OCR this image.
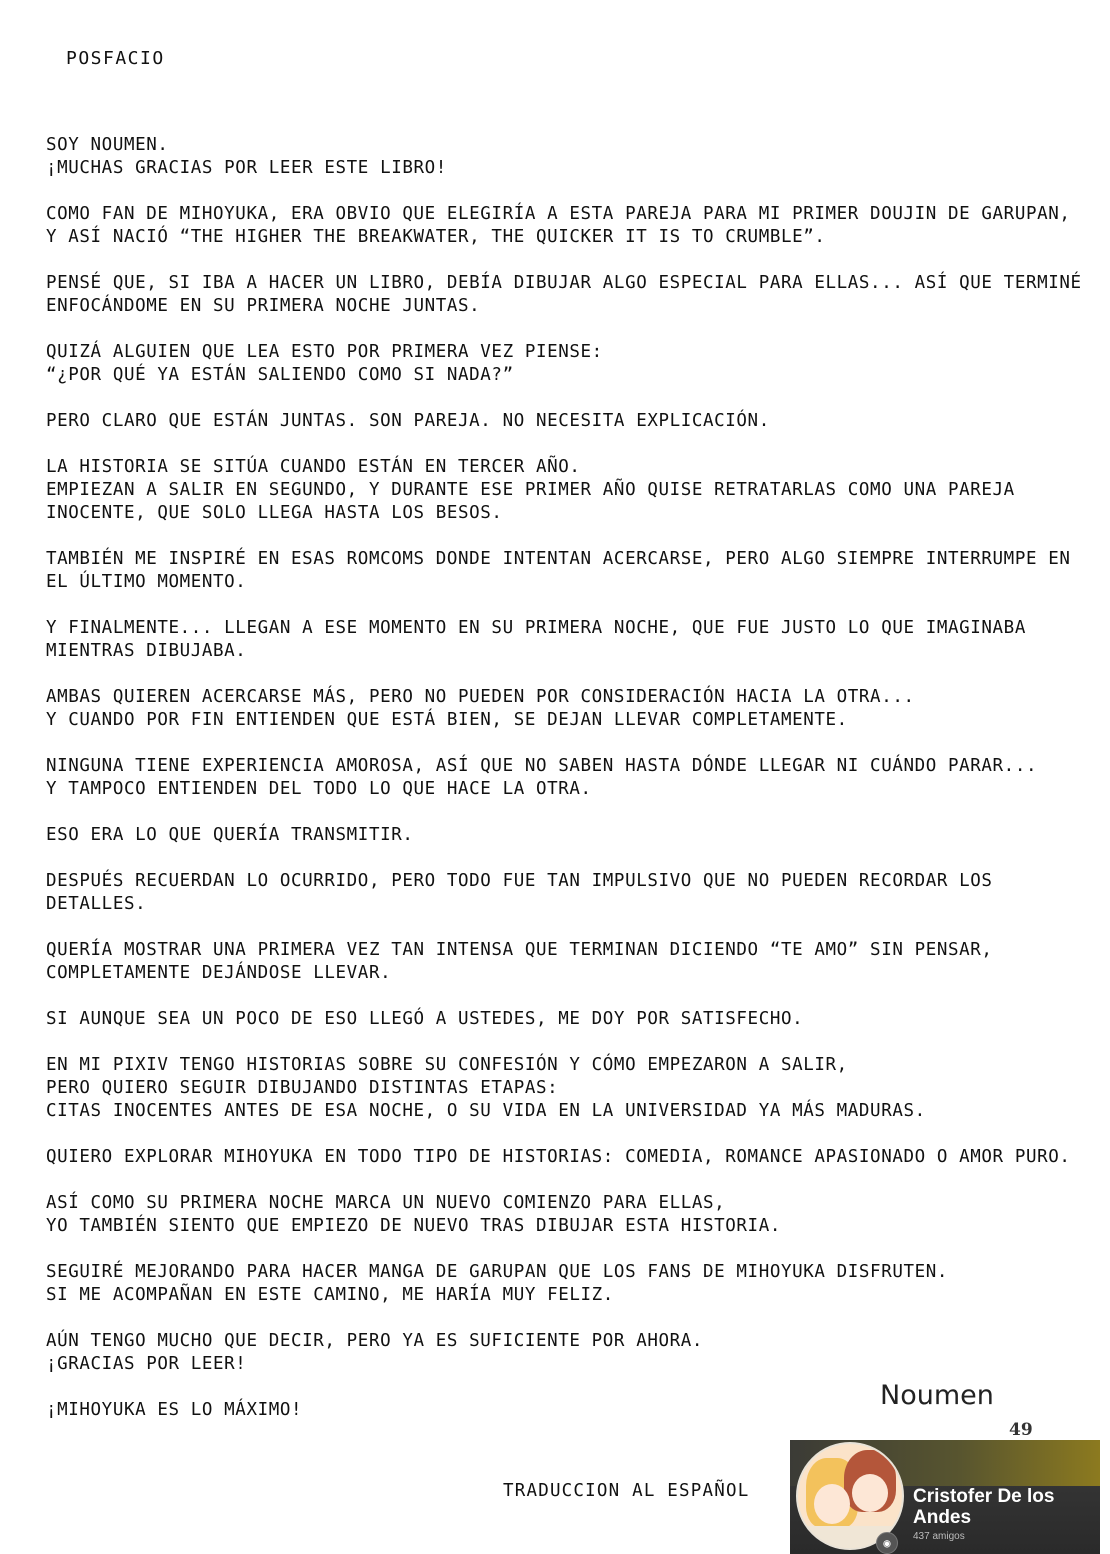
POSFACIO

SOY NOUMEN.
¡MUCHAS GRACIAS POR LEER ESTE LIBRO!

COMO FAN DE MIHOYUKA, ERA OBVIO QUE ELEGIRÍA A ESTA PAREJA PARA MI PRIMER DOUJIN DE GARUPAN, Y ASÍ NACIÓ “THE HIGHER THE BREAKWATER, THE QUICKER IT IS TO CRUMBLE”.

PENSÉ QUE, SI IBA A HACER UN LIBRO, DEBÍA DIBUJAR ALGO ESPECIAL PARA ELLAS... ASÍ QUE TERMINÉ ENFOCÁNDOME EN SU PRIMERA NOCHE JUNTAS.

QUIZÁ ALGUIEN QUE LEA ESTO POR PRIMERA VEZ PIENSE:
“¿POR QUÉ YA ESTÁN SALIENDO COMO SI NADA?”

PERO CLARO QUE ESTÁN JUNTAS. SON PAREJA. NO NECESITA EXPLICACIÓN.

LA HISTORIA SE SITÚA CUANDO ESTÁN EN TERCER AÑO.
EMPIEZAN A SALIR EN SEGUNDO, Y DURANTE ESE PRIMER AÑO QUISE RETRATARLAS COMO UNA PAREJA INOCENTE, QUE SOLO LLEGA HASTA LOS BESOS.

TAMBIÉN ME INSPIRÉ EN ESAS ROMCOMS DONDE INTENTAN ACERCARSE, PERO ALGO SIEMPRE INTERRUMPE EN EL ÚLTIMO MOMENTO.

Y FINALMENTE... LLEGAN A ESE MOMENTO EN SU PRIMERA NOCHE, QUE FUE JUSTO LO QUE IMAGINABA MIENTRAS DIBUJABA.

AMBAS QUIEREN ACERCARSE MÁS, PERO NO PUEDEN POR CONSIDERACIÓN HACIA LA OTRA...
Y CUANDO POR FIN ENTIENDEN QUE ESTÁ BIEN, SE DEJAN LLEVAR COMPLETAMENTE.

NINGUNA TIENE EXPERIENCIA AMOROSA, ASÍ QUE NO SABEN HASTA DÓNDE LLEGAR NI CUÁNDO PARAR...
Y TAMPOCO ENTIENDEN DEL TODO LO QUE HACE LA OTRA.

ESO ERA LO QUE QUERÍA TRANSMITIR.

DESPUÉS RECUERDAN LO OCURRIDO, PERO TODO FUE TAN IMPULSIVO QUE NO PUEDEN RECORDAR LOS DETALLES.

QUERÍA MOSTRAR UNA PRIMERA VEZ TAN INTENSA QUE TERMINAN DICIENDO “TE AMO” SIN PENSAR, COMPLETAMENTE DEJÁNDOSE LLEVAR.

SI AUNQUE SEA UN POCO DE ESO LLEGÓ A USTEDES, ME DOY POR SATISFECHO.

EN MI PIXIV TENGO HISTORIAS SOBRE SU CONFESIÓN Y CÓMO EMPEZARON A SALIR,
PERO QUIERO SEGUIR DIBUJANDO DISTINTAS ETAPAS:
CITAS INOCENTES ANTES DE ESA NOCHE, O SU VIDA EN LA UNIVERSIDAD YA MÁS MADURAS.

QUIERO EXPLORAR MIHOYUKA EN TODO TIPO DE HISTORIAS: COMEDIA, ROMANCE APASIONADO O AMOR PURO.

ASÍ COMO SU PRIMERA NOCHE MARCA UN NUEVO COMIENZO PARA ELLAS,
YO TAMBIÉN SIENTO QUE EMPIEZO DE NUEVO TRAS DIBUJAR ESTA HISTORIA.

SEGUIRÉ MEJORANDO PARA HACER MANGA DE GARUPAN QUE LOS FANS DE MIHOYUKA DISFRUTEN.
SI ME ACOMPAÑAN EN ESTE CAMINO, ME HARÍA MUY FELIZ.

AÚN TENGO MUCHO QUE DECIR, PERO YA ES SUFICIENTE POR AHORA.
¡GRACIAS POR LEER!

¡MIHOYUKA ES LO MÁXIMO!	Noumen
49
TRADUCCION AL ESPAÑOL
◉
Cristofer De los Andes
437 amigos
